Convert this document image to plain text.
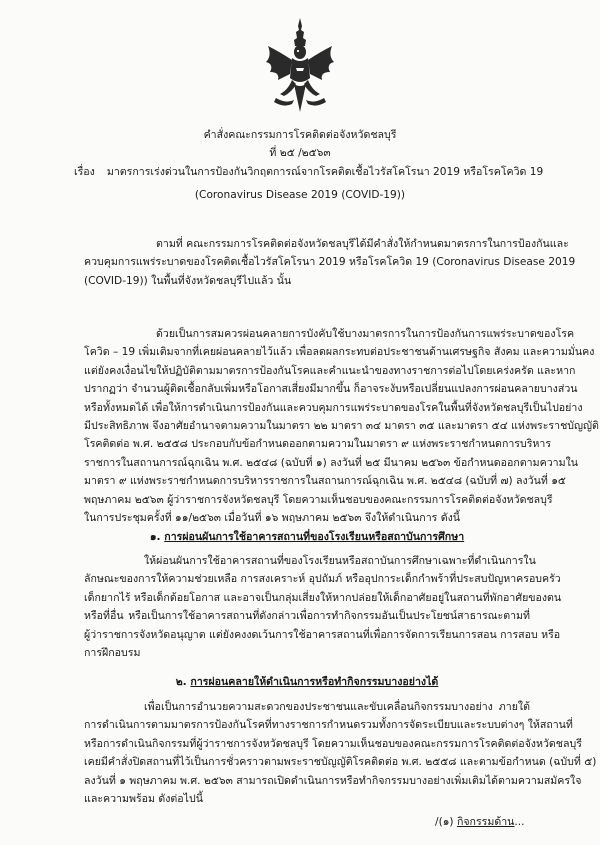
คำสั่งคณะกรรมการโรคติดต่อจังหวัดชลบุรี
ที่ ๒๕ /๒๕๖๓
เรื่อง มาตรการเร่งด่วนในการป้องกันวิกฤตการณ์จากโรคติดเชื้อไวรัสโคโรนา 2019 หรือโรคโควิด 19
(Coronavirus Disease 2019 (COVID-19))
ตามที่ คณะกรรมการโรคติดต่อจังหวัดชลบุรีได้มีคำสั่งให้กำหนดมาตรการในการป้องกันและ
ควบคุมการแพร่ระบาดของโรคติดเชื้อไวรัสโคโรนา 2019 หรือโรคโควิด 19 (Coronavirus Disease 2019
(COVID-19)) ในพื้นที่จังหวัดชลบุรีไปแล้ว นั้น
ด้วยเป็นการสมควรผ่อนคลายการบังคับใช้บางมาตรการในการป้องกันการแพร่ระบาดของโรค
โควิด – 19 เพิ่มเติมจากที่เคยผ่อนคลายไว้แล้ว เพื่อลดผลกระทบต่อประชาชนด้านเศรษฐกิจ สังคม และความมั่นคง
แต่ยังคงเงื่อนไขให้ปฏิบัติตามมาตรการป้องกันโรคและคำแนะนำของทางราชการต่อไปโดยเคร่งครัด และหาก
ปรากฏว่า จำนวนผู้ติดเชื้อกลับเพิ่มหรือโอกาสเสี่ยงมีมากขึ้น ก็อาจระงับหรือเปลี่ยนแปลงการผ่อนคลายบางส่วน
หรือทั้งหมดได้ เพื่อให้การดำเนินการป้องกันและควบคุมการแพร่ระบาดของโรคในพื้นที่จังหวัดชลบุรีเป็นไปอย่าง
มีประสิทธิภาพ จึงอาศัยอำนาจตามความในมาตรา ๒๒ มาตรา ๓๔ มาตรา ๓๕ และมาตรา ๕๔ แห่งพระราชบัญญัติ
โรคติดต่อ พ.ศ. ๒๕๕๘ ประกอบกับข้อกำหนดออกตามความในมาตรา ๙ แห่งพระราชกำหนดการบริหาร
ราชการในสถานการณ์ฉุกเฉิน พ.ศ. ๒๕๔๘ (ฉบับที่ ๑) ลงวันที่ ๒๕ มีนาคม ๒๕๖๓ ข้อกำหนดออกตามความใน
มาตรา ๙ แห่งพระราชกำหนดการบริหารราชการในสถานการณ์ฉุกเฉิน พ.ศ. ๒๕๔๘ (ฉบับที่ ๗) ลงวันที่ ๑๕
พฤษภาคม ๒๕๖๓ ผู้ว่าราชการจังหวัดชลบุรี โดยความเห็นชอบของคณะกรรมการโรคติดต่อจังหวัดชลบุรี
ในการประชุมครั้งที่ ๑๑/๒๕๖๓ เมื่อวันที่ ๑๖ พฤษภาคม ๒๕๖๓ จึงให้ดำเนินการ ดังนี้
๑. การผ่อนผันการใช้อาคารสถานที่ของโรงเรียนหรือสถาบันการศึกษา
ให้ผ่อนผันการใช้อาคารสถานที่ของโรงเรียนหรือสถาบันการศึกษาเฉพาะที่ดำเนินการใน
ลักษณะของการให้ความช่วยเหลือ การสงเคราะห์ อุปถัมภ์ หรืออุปการะเด็กกำพร้าที่ประสบปัญหาครอบครัว
เด็กยากไร้ หรือเด็กด้อยโอกาส และอาจเป็นกลุ่มเสี่ยงให้หากปล่อยให้เด็กอาศัยอยู่ในสถานที่พักอาศัยของตน
หรือที่อื่น หรือเป็นการใช้อาคารสถานที่ดังกล่าวเพื่อการทำกิจกรรมอันเป็นประโยชน์สาธารณะตามที่
ผู้ว่าราชการจังหวัดอนุญาต แต่ยังคงงดเว้นการใช้อาคารสถานที่เพื่อการจัดการเรียนการสอน การสอบ หรือ
การฝึกอบรม
๒. การผ่อนคลายให้ดำเนินการหรือทำกิจกรรมบางอย่างได้
เพื่อเป็นการอำนวยความสะดวกของประชาชนและขับเคลื่อนกิจกรรมบางอย่าง ภายใต้
การดำเนินการตามมาตรการป้องกันโรคที่ทางราชการกำหนดรวมทั้งการจัดระเบียบและระบบต่างๆ ให้สถานที่
หรือการดำเนินกิจกรรมที่ผู้ว่าราชการจังหวัดชลบุรี โดยความเห็นชอบของคณะกรรมการโรคติดต่อจังหวัดชลบุรี
เคยมีคำสั่งปิดสถานที่ไว้เป็นการชั่วคราวตามพระราชบัญญัติโรคติดต่อ พ.ศ. ๒๕๕๘ และตามข้อกำหนด (ฉบับที่ ๕)
ลงวันที่ ๑ พฤษภาคม พ.ศ. ๒๕๖๓ สามารถเปิดดำเนินการหรือทำกิจกรรมบางอย่างเพิ่มเติมได้ตามความสมัครใจ
และความพร้อม ดังต่อไปนี้
/(๑) กิจกรรมด้าน...
